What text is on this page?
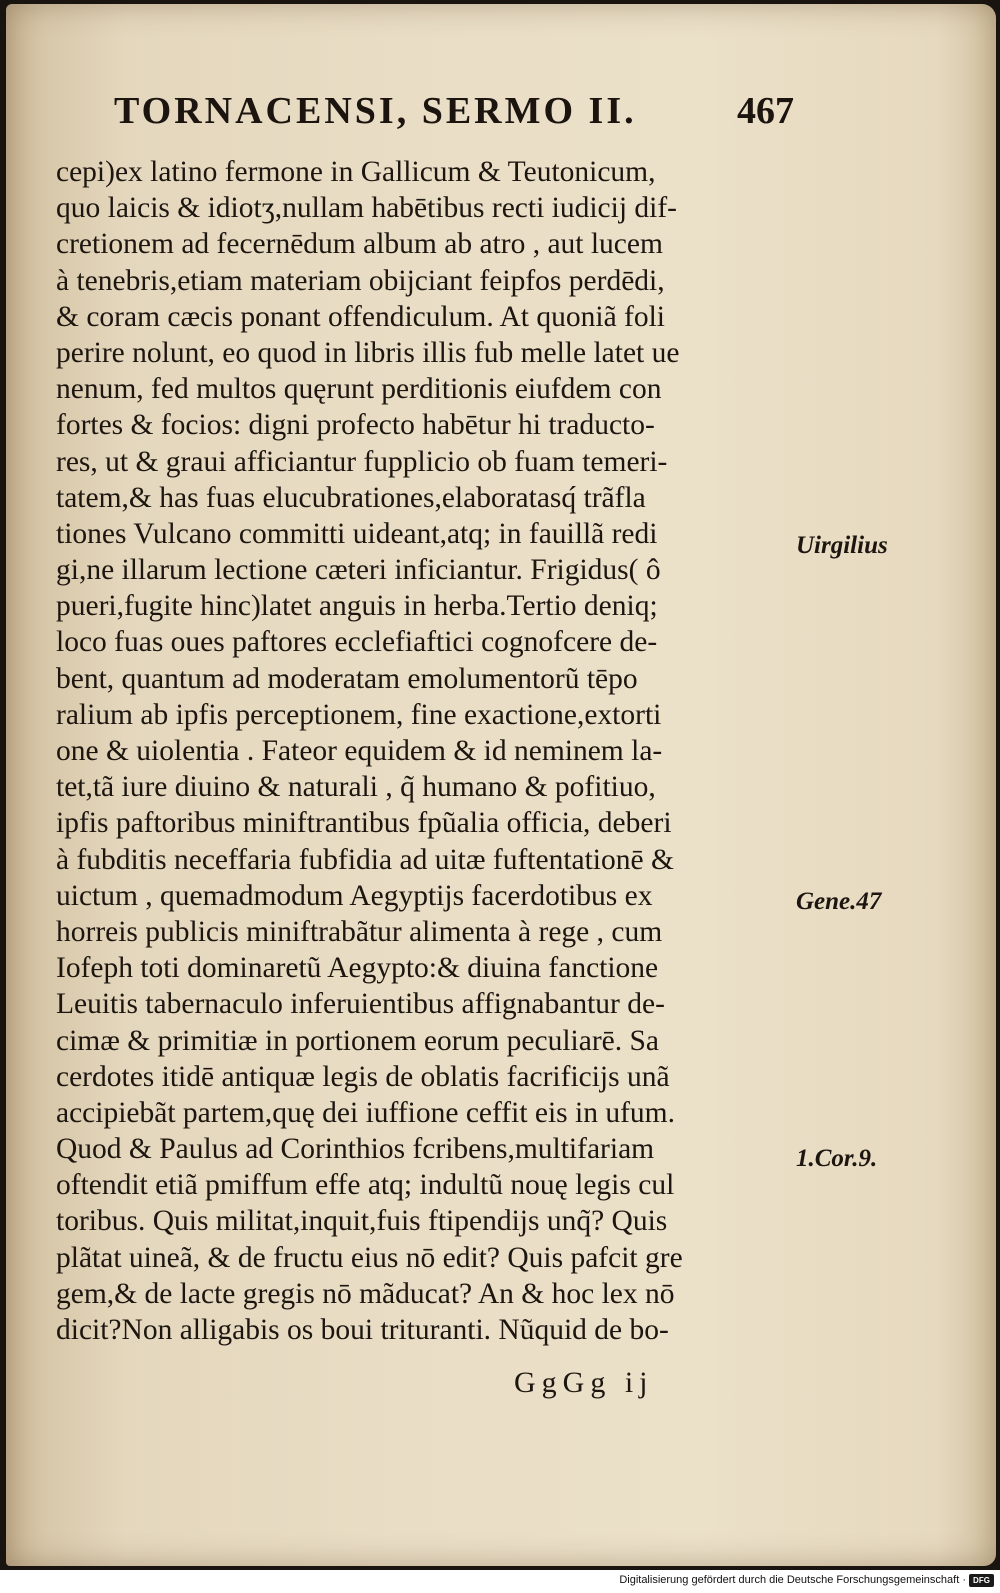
TORNACENSI, SERMO II.	467
cepi)ex latino fermone in Gallicum & Teutonicum,
quo laicis & idiotʒ,nullam habētibus recti iudicij dif-
cretionem ad fecernēdum album ab atro , aut lucem
à tenebris,etiam materiam obijciant feipfos perdēdi,
& coram cæcis ponant offendiculum. At quoniã foli
perire nolunt, eo quod in libris illis fub melle latet ue
nenum, fed multos quęrunt perditionis eiufdem con
fortes & focios: digni profecto habētur hi traducto-
res, ut & graui afficiantur fupplicio ob fuam temeri-
tatem,& has fuas elucubrationes,elaboratasq́ trãfla
tiones Vulcano committi uideant,atq; in fauillã redi
gi,ne illarum lectione cæteri inficiantur. Frigidus( ô
pueri,fugite hinc)latet anguis in herba.Tertio deniq;
loco fuas oues paftores ecclefiaftici cognofcere de-
bent, quantum ad moderatam emolumentorũ tēpo
ralium ab ipfis perceptionem, fine exactione,extorti
one & uiolentia . Fateor equidem & id neminem la-
tet,tã iure diuino & naturali , q̃ humano & pofitiuo,
ipfis paftoribus miniftrantibus fpũalia officia, deberi
à fubditis neceffaria fubfidia ad uitæ fuftentationē &
uictum , quemadmodum Aegyptijs facerdotibus ex
horreis publicis miniftrabãtur alimenta à rege , cum
Iofeph toti dominaretũ Aegypto:& diuina fanctione
Leuitis tabernaculo inferuientibus affignabantur de-
cimæ & primitiæ in portionem eorum peculiarē. Sa
cerdotes itidē antiquæ legis de oblatis facrificijs unã
accipiebãt partem,quę dei iuffione ceffit eis in ufum.
Quod & Paulus ad Corinthios fcribens,multifariam
oftendit etiã pmiffum effe atq; indultũ nouę legis cul
toribus. Quis militat,inquit,fuis ftipendijs unq̃? Quis
plãtat uineã, & de fructu eius nō edit? Quis pafcit gre
gem,& de lacte gregis nō mãducat? An & hoc lex nō
dicit?Non alligabis os boui trituranti. Nũquid de bo-
Uirgilius
Gene.47
1.Cor.9.
GgGg ij
Digitalisierung gefördert durch die Deutsche Forschungsgemeinschaft · DFG
